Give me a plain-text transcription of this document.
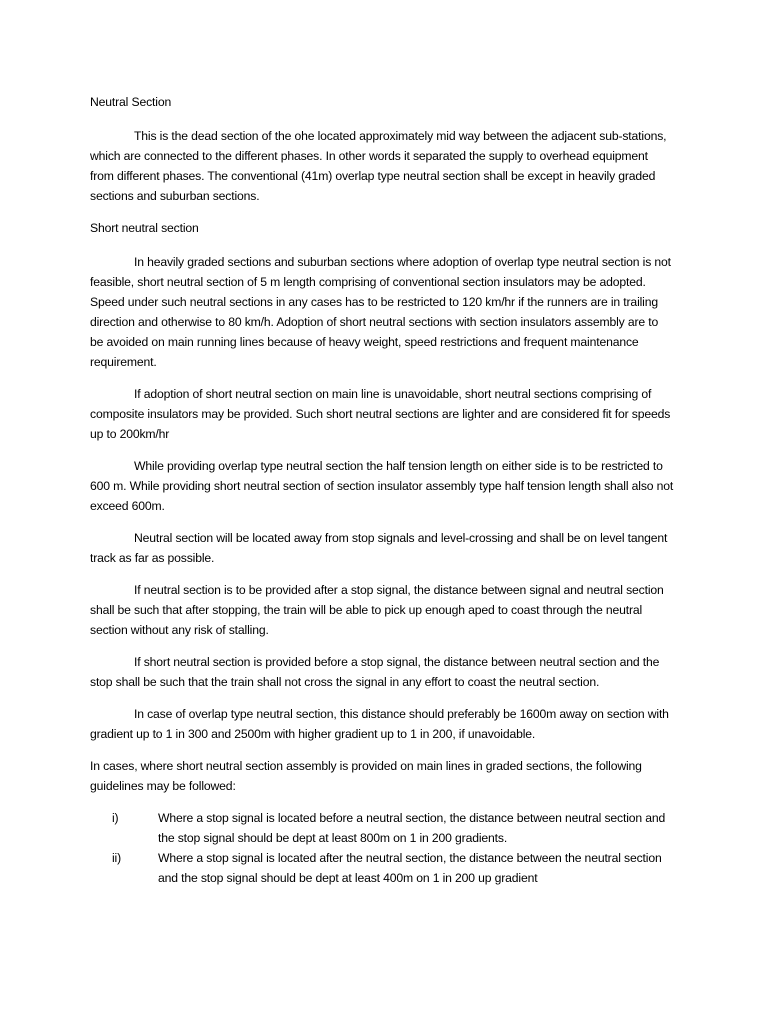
Neutral Section

This is the dead section of the ohe located approximately mid way between the adjacent sub-stations, which are connected to the different phases. In other words it separated the supply to overhead equipment from different phases. The conventional (41m) overlap type neutral section shall be except in heavily graded sections and suburban sections.

Short neutral section

In heavily graded sections and suburban sections where adoption of overlap type neutral section is not feasible, short neutral section of 5 m length comprising of conventional section insulators may be adopted. Speed under such neutral sections in any cases has to be restricted to 120 km/hr if the runners are in trailing direction and otherwise to 80 km/h. Adoption of short neutral sections with section insulators assembly are to be avoided on main running lines because of heavy weight, speed restrictions and frequent maintenance requirement.

If adoption of short neutral section on main line is unavoidable, short neutral sections comprising of composite insulators may be provided. Such short neutral sections are lighter and are considered fit for speeds up to 200km/hr

While providing overlap type neutral section the half tension length on either side is to be restricted to 600 m. While providing short neutral section of section insulator assembly type half tension length shall also not exceed 600m.

Neutral section will be located away from stop signals and level-crossing and shall be on level tangent track as far as possible.

If neutral section is to be provided after a stop signal, the distance between signal and neutral section shall be such that after stopping, the train will be able to pick up enough aped to coast through the neutral section without any risk of stalling.

If short neutral section is provided before a stop signal, the distance between neutral section and the stop shall be such that the train shall not cross the signal in any effort to coast the neutral section.

In case of overlap type neutral section, this distance should preferably be 1600m away on section with gradient up to 1 in 300 and 2500m with higher gradient up to 1 in 200, if unavoidable.

In cases, where short neutral section assembly is provided on main lines in graded sections, the following guidelines may be followed:

i)	Where a stop signal is located before a neutral section, the distance between neutral section and the stop signal should be dept at least 800m on 1 in 200 gradients.
ii)	Where a stop signal is located after the neutral section, the distance between the neutral section and the stop signal should be dept at least 400m on 1 in 200 up gradient
